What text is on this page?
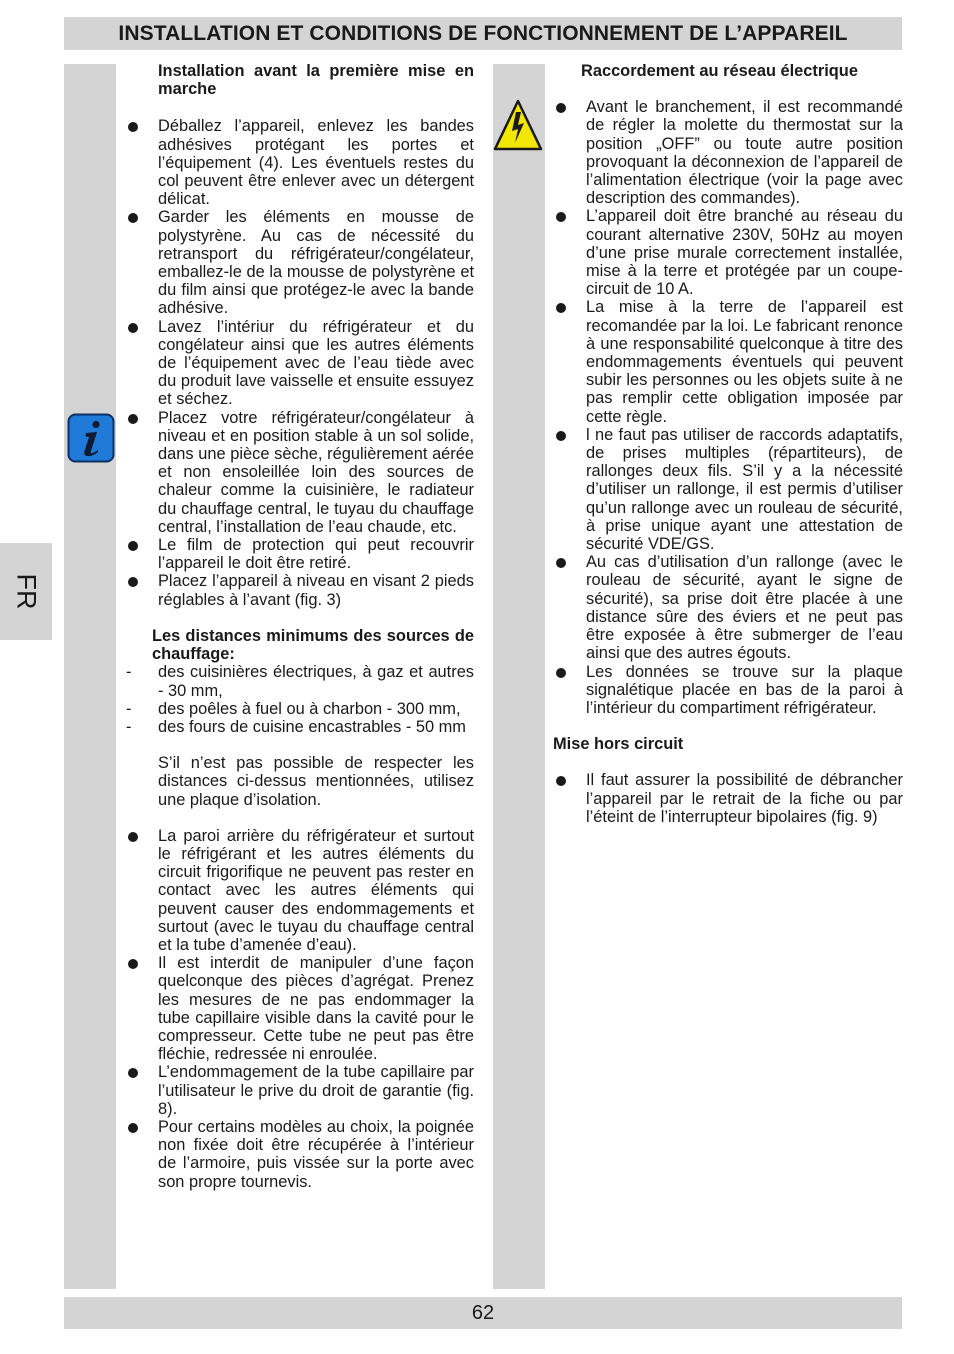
INSTALLATION ET CONDITIONS DE FONCTIONNEMENT DE L’APPAREIL
FR

Installation avant la première mise en marche

Déballez l’appareil, enlevez les bandes adhésives protégant les portes et l’équipement (4). Les éventuels restes du col peuvent être enlever avec un détergent délicat.
Garder les éléments en mousse de polystyrène. Au cas de nécessité du retransport du réfrigérateur/congélateur, emballez-le de la mousse de polystyrène et du film ainsi que protégez-le avec la bande adhésive.
Lavez l’intériur du réfrigérateur et du congélateur ainsi que les autres éléments de l’équipement avec de l’eau tiède avec du produit lave vaisselle et ensuite essuyez et séchez.
Placez votre réfrigérateur/congélateur à niveau et en position stable à un sol solide, dans une pièce sèche, régulièrement aérée et non ensoleillée loin des sources de chaleur comme la cuisinière, le radiateur du chauffage central, le tuyau du chauffage central, l’installation de l’eau chaude, etc.
Le film de protection qui peut recouvrir l’appareil le doit être retiré.
Placez l’appareil à niveau en visant 2 pieds réglables à l’avant (fig. 3)

Les distances minimums des sources de chauffage:

- des cuisinières électriques, à gaz et autres - 30 mm,
- des poêles à fuel ou à charbon - 300 mm,
- des fours de cuisine encastrables - 50 mm

S’il n’est pas possible de respecter les distances ci-dessus mentionnées, utilisez une plaque d’isolation.

La paroi arrière du réfrigérateur et surtout le réfrigérant et les autres éléments du circuit frigorifique ne peuvent pas rester en contact avec les autres éléments qui peuvent causer des endommagements et surtout (avec le tuyau du chauffage central et la tube d’amenée d’eau).
Il est interdit de manipuler d’une façon quelconque des pièces d’agrégat. Prenez les mesures de ne pas endommager la tube capillaire visible dans la cavité pour le compresseur. Cette tube ne peut pas être fléchie, redressée ni enroulée.
L’endommagement de la tube capillaire par l’utilisateur le prive du droit de garantie (fig. 8).
Pour certains modèles au choix, la poignée non fixée doit être récupérée à l’intérieur de l’armoire, puis vissée sur la porte avec son propre tournevis.

Raccordement au réseau électrique

Avant le branchement, il est recommandé de régler la molette du thermostat sur la position „OFF” ou toute autre position provoquant la déconnexion de l’appareil de l’alimentation électrique (voir la page avec description des commandes).
L’appareil doit être branché au réseau du courant alternative 230V, 50Hz au moyen d’une prise murale correctement installée, mise à la terre et protégée par un coupe-circuit de 10 A.
La mise à la terre de l’appareil est recomandée par la loi. Le fabricant renonce à une responsabilité quelconque à titre des endommagements éventuels qui peuvent subir les personnes ou les objets suite à ne pas remplir cette obligation imposée par cette règle.
l ne faut pas utiliser de raccords adaptatifs, de prises multiples (répartiteurs), de rallonges deux fils. S’il y a la nécessité d’utiliser un rallonge, il est permis d’utiliser qu’un rallonge avec un rouleau de sécurité, à prise unique ayant une attestation de sécurité VDE/GS.
Au cas d’utilisation d’un rallonge (avec le rouleau de sécurité, ayant le signe de sécurité), sa prise doit être placée à une distance sûre des éviers et ne peut pas être exposée à être submerger de l’eau ainsi que des autres égouts.
Les données se trouve sur la plaque signalétique placée en bas de la paroi à l’intérieur du compartiment réfrigérateur.

Mise hors circuit

Il faut assurer la possibilité de débrancher l’appareil par le retrait de la fiche ou par l’éteint de l’interrupteur bipolaires (fig. 9)
62
